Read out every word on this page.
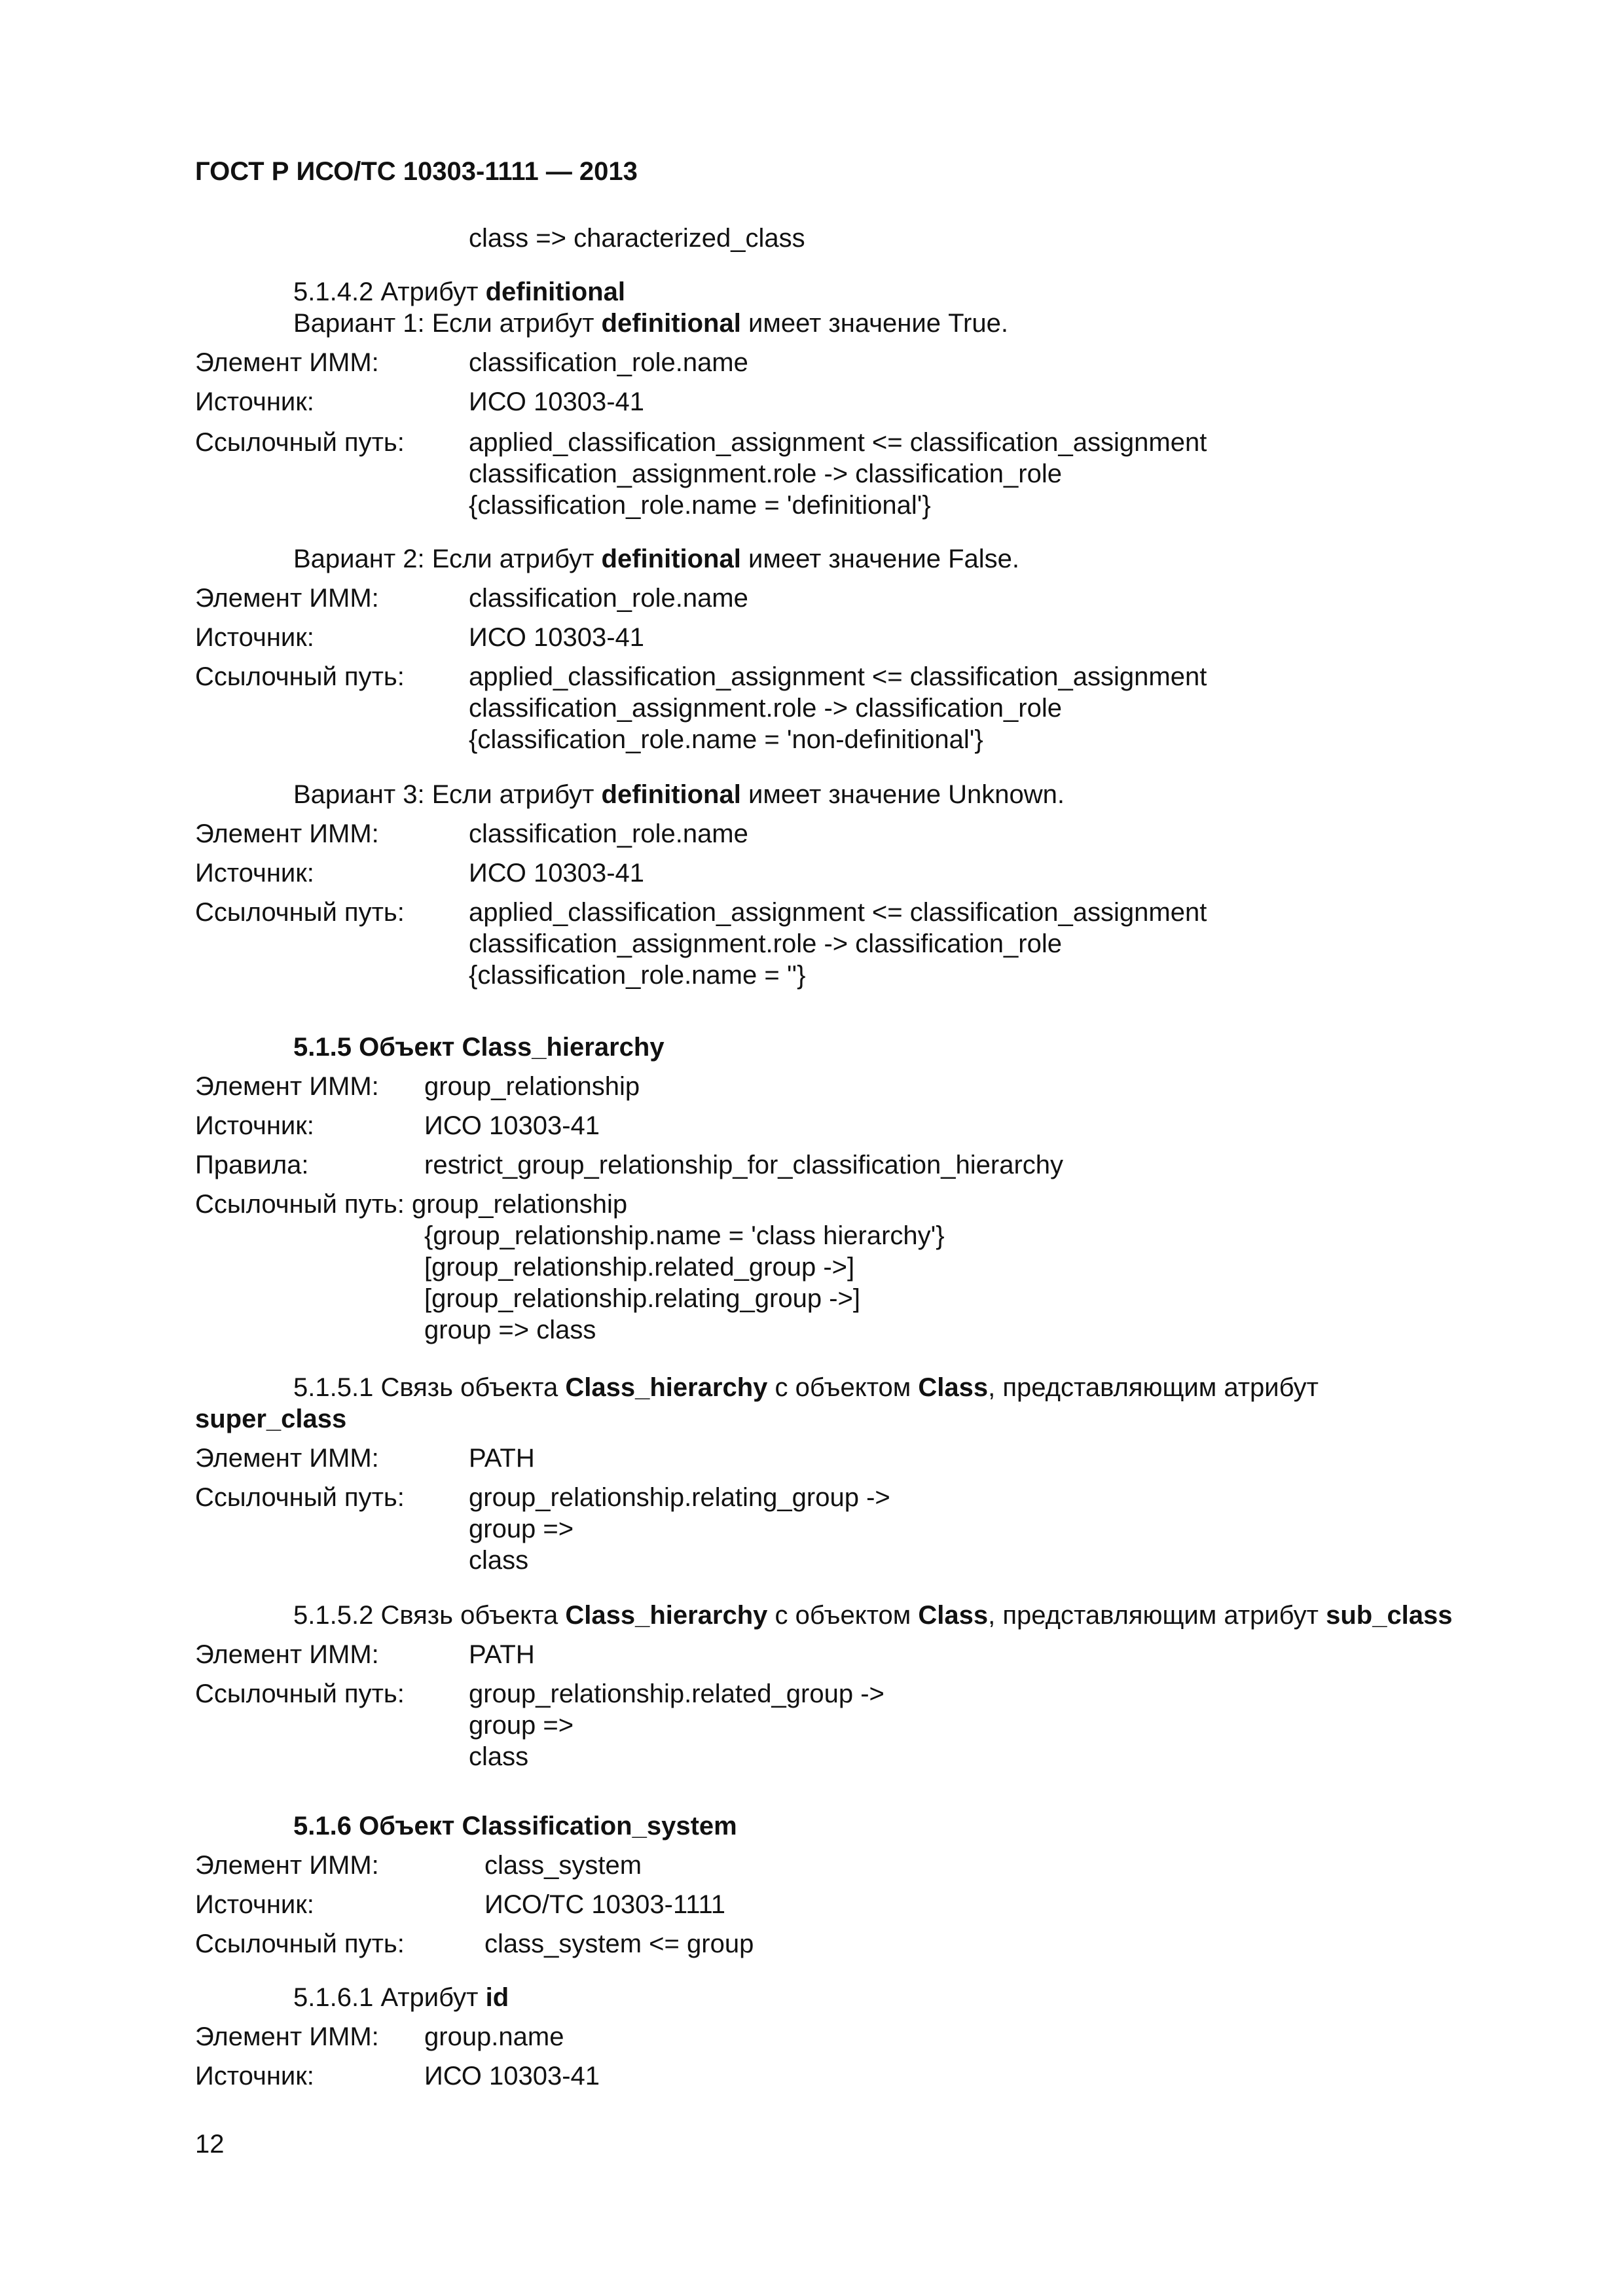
ГОСТ Р ИСО/ТС 10303-1111 — 2013
class => characterized_class
5.1.4.2 Атрибут definitional
Вариант 1: Если атрибут definitional имеет значение True.
Элемент ИММ:	classification_role.name
Источник:	ИСО 10303-41
Ссылочный путь: applied_classification_assignment <= classification_assignment
classification_assignment.role -> classification_role
{classification_role.name = 'definitional'}
Вариант 2: Если атрибут definitional имеет значение False.
Элемент ИММ:	classification_role.name
Источник:	ИСО 10303-41
Ссылочный путь: applied_classification_assignment <= classification_assignment
classification_assignment.role -> classification_role
{classification_role.name = 'non-definitional'}
Вариант 3: Если атрибут definitional имеет значение Unknown.
Элемент ИММ:	classification_role.name
Источник:	ИСО 10303-41
Ссылочный путь: applied_classification_assignment <= classification_assignment
classification_assignment.role -> classification_role
{classification_role.name = ''}
5.1.5 Объект Class_hierarchy
Элемент ИММ: group_relationship
Источник:	ИСО 10303-41
Правила:	restrict_group_relationship_for_classification_hierarchy
Ссылочный путь: group_relationship
{group_relationship.name = 'class hierarchy'}
[group_relationship.related_group ->]
[group_relationship.relating_group ->]
group => class
5.1.5.1 Связь объекта Class_hierarchy с объектом Class, представляющим атрибут
super_class
Элемент ИММ:	PATH
Ссылочный путь: group_relationship.relating_group ->
group =>
class
5.1.5.2 Связь объекта Class_hierarchy с объектом Class, представляющим атрибут sub_class
Элемент ИММ:	PATH
Ссылочный путь: group_relationship.related_group ->
group =>
class
5.1.6 Объект Classification_system
Элемент ИММ:	class_system
Источник:	ИСО/ТС 10303-1111
Ссылочный путь:	class_system <= group
5.1.6.1 Атрибут id
Элемент ИММ: group.name
Источник:	ИСО 10303-41
12
